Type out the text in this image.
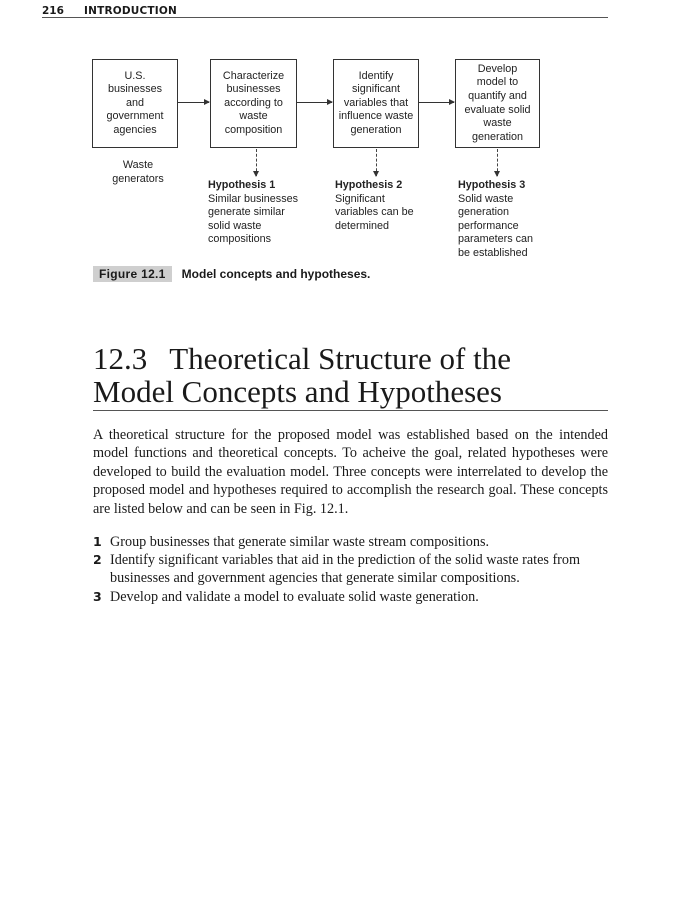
216 INTRODUCTION
U.S.
businesses
and
government
agencies
Characterize
businesses
according to
waste
composition
Identify
significant
variables that
influence waste
generation
Develop
model to
quantify and
evaluate solid
waste
generation
Waste
generators
Hypothesis 1
Similar businesses
generate similar
solid waste
compositions
Hypothesis 2
Significant
variables can be
determined
Hypothesis 3
Solid waste
generation
performance
parameters can
be established
Figure 12.1 Model concepts and hypotheses.
12.3 Theoretical Structure of the
Model Concepts and Hypotheses

A theoretical structure for the proposed model was established based on the intended model functions and theoretical concepts. To acheive the goal, related hypotheses were developed to build the evaluation model. Three concepts were interrelated to develop the proposed model and hypotheses required to accomplish the research goal. These concepts are listed below and can be seen in Fig. 12.1.

1 Group businesses that generate similar waste stream compositions.
2 Identify significant variables that aid in the prediction of the solid waste rates from businesses and government agencies that generate similar compositions.
3 Develop and validate a model to evaluate solid waste generation.
